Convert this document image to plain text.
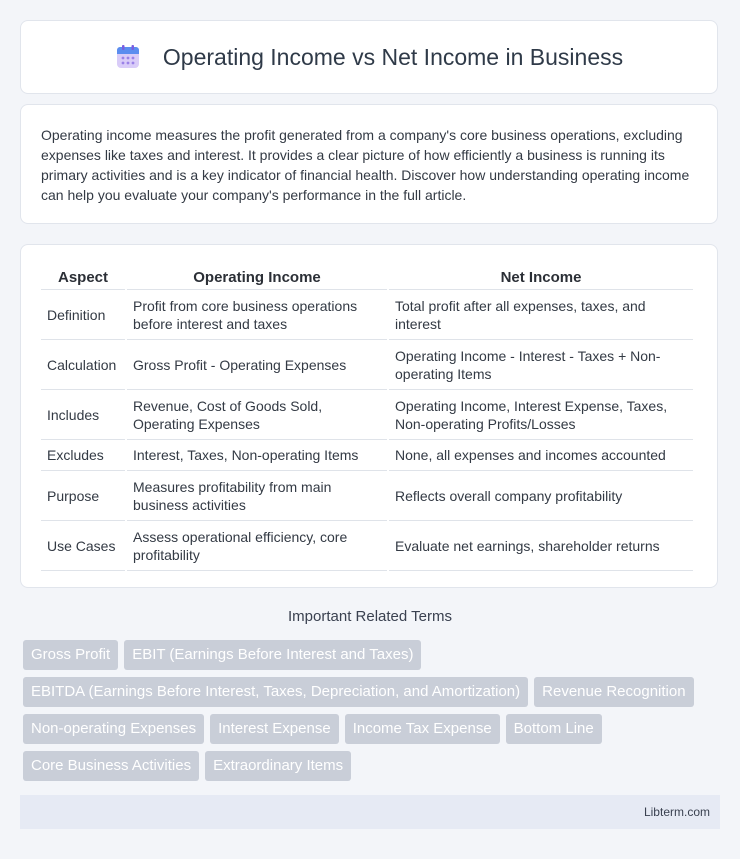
Operating Income vs Net Income in Business

Operating income measures the profit generated from a company's core business operations, excluding expenses like taxes and interest. It provides a clear picture of how efficiently a business is running its primary activities and is a key indicator of financial health. Discover how understanding operating income can help you evaluate your company's performance in the full article.

Aspect	Operating Income	Net Income
Definition	Profit from core business operations before interest and taxes	Total profit after all expenses, taxes, and interest
Calculation	Gross Profit - Operating Expenses	Operating Income - Interest - Taxes + Non-operating Items
Includes	Revenue, Cost of Goods Sold, Operating Expenses	Operating Income, Interest Expense, Taxes, Non-operating Profits/Losses
Excludes	Interest, Taxes, Non-operating Items	None, all expenses and incomes accounted
Purpose	Measures profitability from main business activities	Reflects overall company profitability
Use Cases	Assess operational efficiency, core profitability	Evaluate net earnings, shareholder returns
Important Related Terms
Gross Profit	EBIT (Earnings Before Interest and Taxes)
EBITDA (Earnings Before Interest, Taxes, Depreciation, and Amortization)	Revenue Recognition
Non-operating Expenses	Interest Expense	Income Tax Expense	Bottom Line
Core Business Activities	Extraordinary Items
Libterm.com
